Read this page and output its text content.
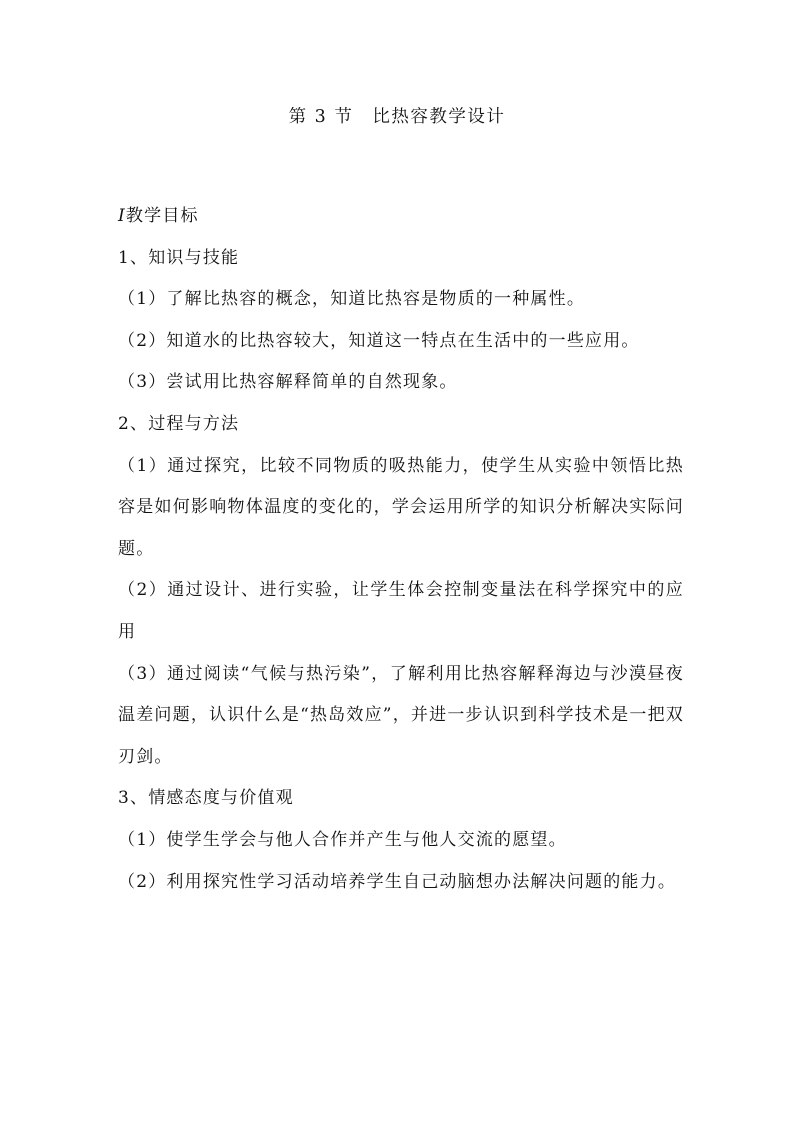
第 3 节　比热容教学设计

I教学目标

1、知识与技能

（1）了解比热容的概念，知道比热容是物质的一种属性。

（2）知道水的比热容较大，知道这一特点在生活中的一些应用。

（3）尝试用比热容解释简单的自然现象。

2、过程与方法

（1）通过探究，比较不同物质的吸热能力，使学生从实验中领悟比热容是如何影响物体温度的变化的，学会运用所学的知识分析解决实际问题。

（2）通过设计、进行实验，让学生体会控制变量法在科学探究中的应用

（3）通过阅读“气候与热污染”，了解利用比热容解释海边与沙漠昼夜温差问题，认识什么是“热岛效应”，并进一步认识到科学技术是一把双刃剑。

3、情感态度与价值观

（1）使学生学会与他人合作并产生与他人交流的愿望。

（2）利用探究性学习活动培养学生自己动脑想办法解决问题的能力。
